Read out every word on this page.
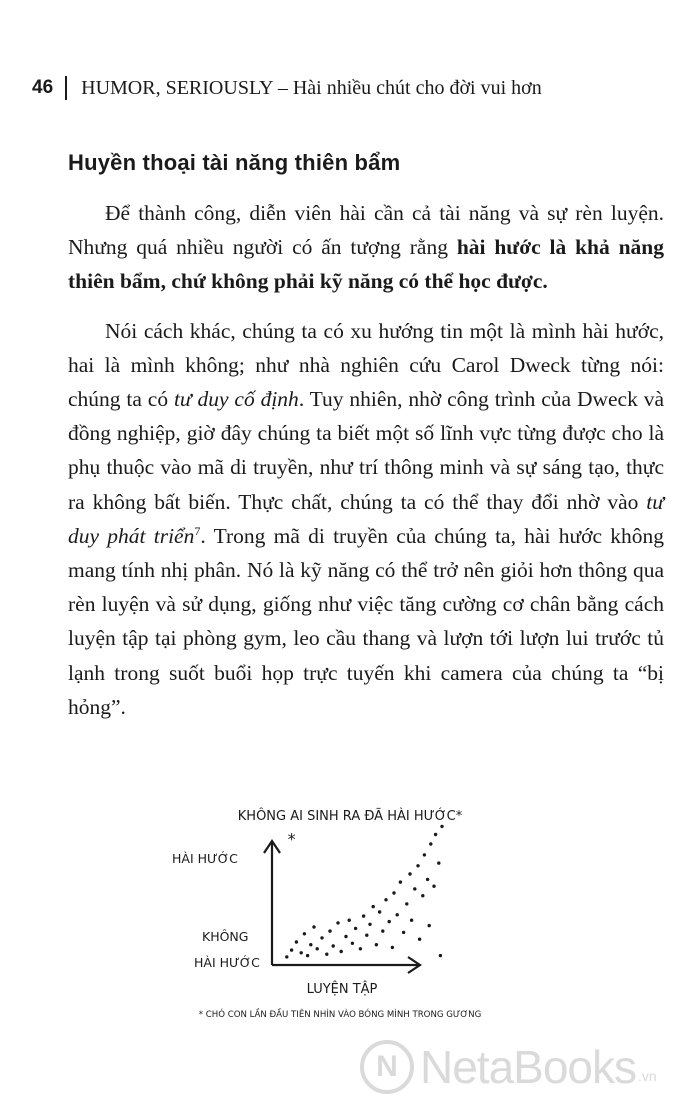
46 HUMOR, SERIOUSLY – Hài nhiều chút cho đời vui hơn
Huyền thoại tài năng thiên bẩm

Để thành công, diễn viên hài cần cả tài năng và sự rèn luyện. Nhưng quá nhiều người có ấn tượng rằng hài hước là khả năng thiên bẩm, chứ không phải kỹ năng có thể học được.

Nói cách khác, chúng ta có xu hướng tin một là mình hài hước, hai là mình không; như nhà nghiên cứu Carol Dweck từng nói: chúng ta có tư duy cố định. Tuy nhiên, nhờ công trình của Dweck và đồng nghiệp, giờ đây chúng ta biết một số lĩnh vực từng được cho là phụ thuộc vào mã di truyền, như trí thông minh và sự sáng tạo, thực ra không bất biến. Thực chất, chúng ta có thể thay đổi nhờ vào tư duy phát triển$^7$. Trong mã di truyền của chúng ta, hài hước không mang tính nhị phân. Nó là kỹ năng có thể trở nên giỏi hơn thông qua rèn luyện và sử dụng, giống như việc tăng cường cơ chân bằng cách luyện tập tại phòng gym, leo cầu thang và lượn tới lượn lui trước tủ lạnh trong suốt buổi họp trực tuyến khi camera của chúng ta “bị hỏng”.

KHÔNG AI SINH RA ĐÃ HÀI HƯỚC*
HÀI HƯỚC
KHÔNG
HÀI HƯỚC
*
LUYỆN TẬP
* CHÓ CON LẦN ĐẦU TIÊN NHÌN VÀO BÓNG MÌNH TRONG GƯƠNG
N NetaBooks .vn
